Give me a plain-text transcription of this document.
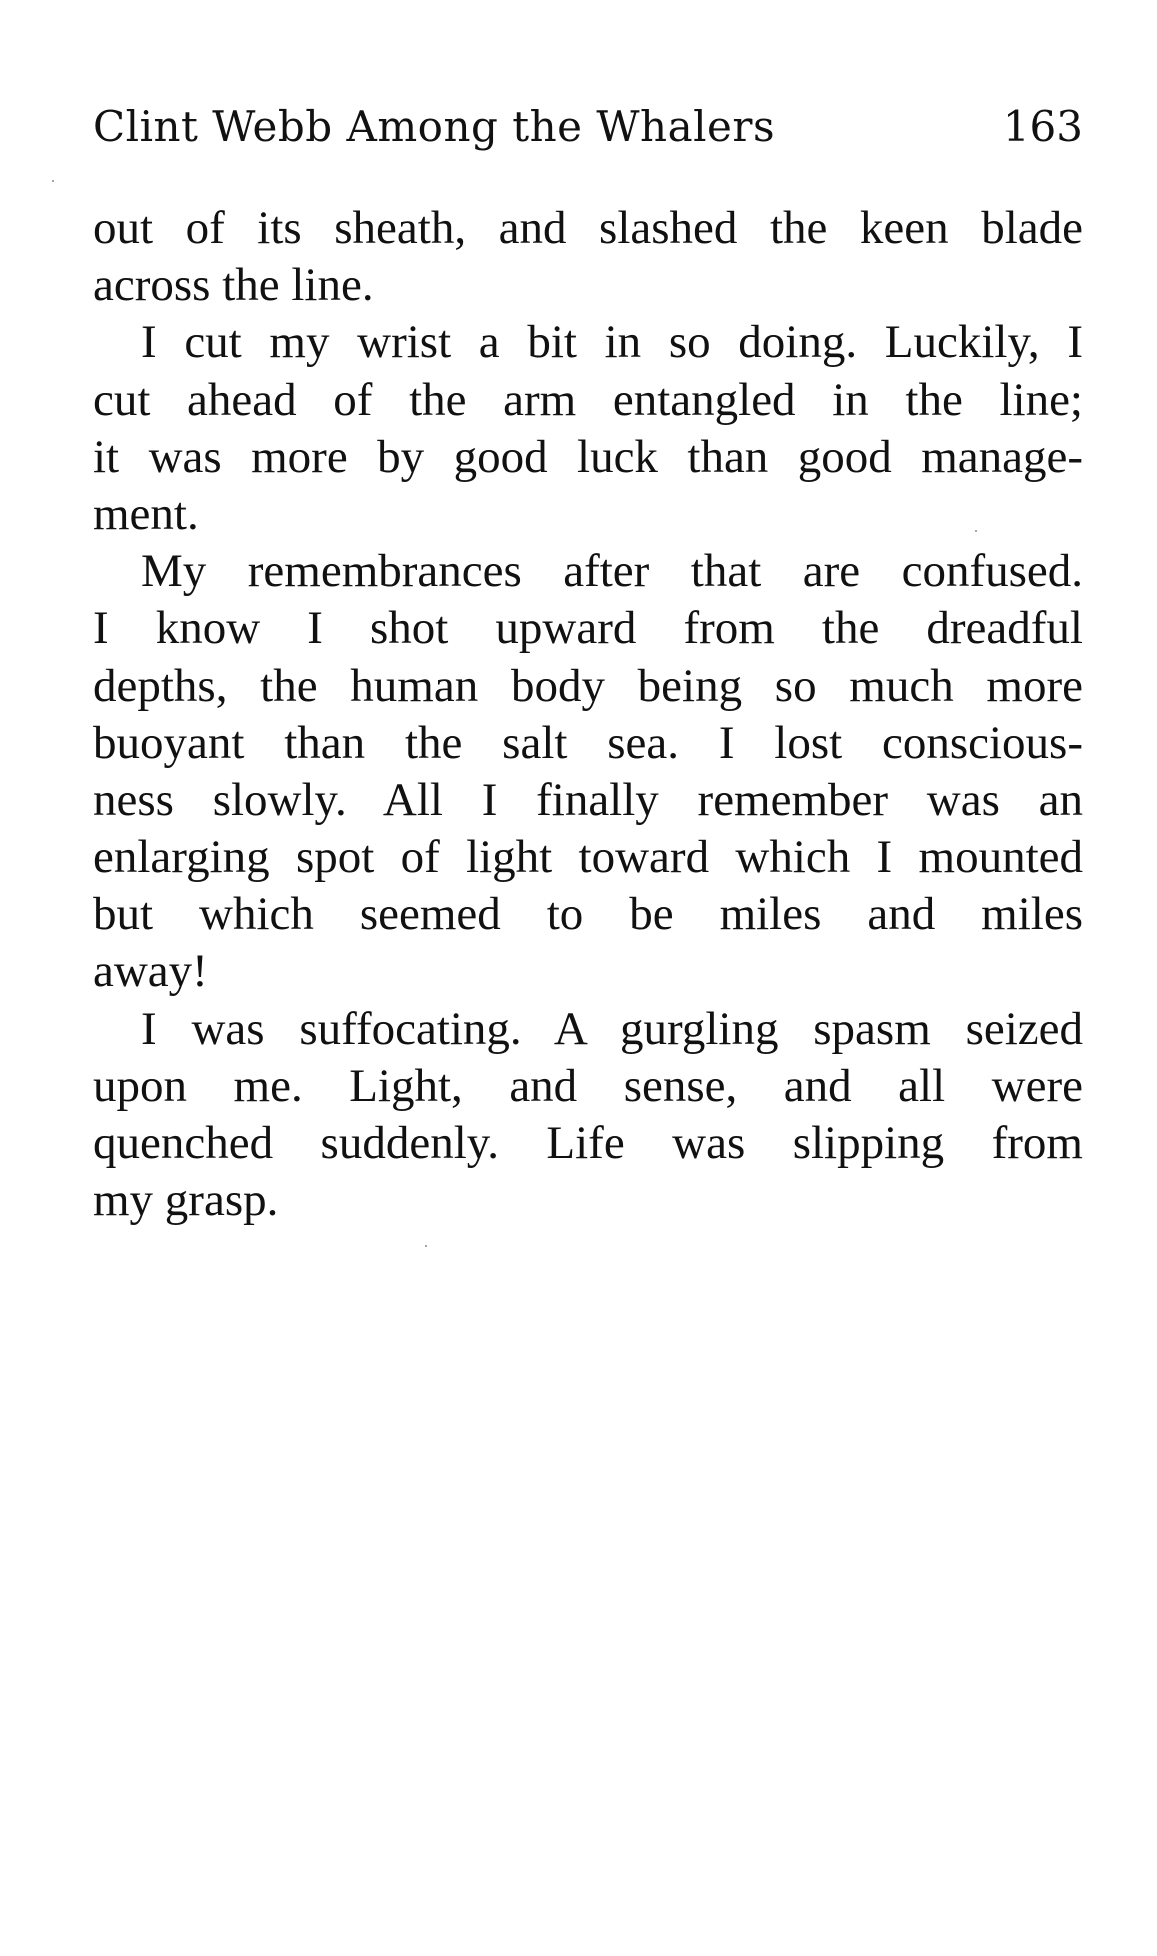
Clint Webb Among the Whalers	163
out of its sheath, and slashed the keen blade
across the line.
I cut my wrist a bit in so doing. Luckily, I
cut ahead of the arm entangled in the line;
it was more by good luck than good manage-
ment.
My remembrances after that are confused.
I know I shot upward from the dreadful
depths, the human body being so much more
buoyant than the salt sea. I lost conscious-
ness slowly. All I finally remember was an
enlarging spot of light toward which I mounted
but which seemed to be miles and miles
away!
I was suffocating. A gurgling spasm seized
upon me. Light, and sense, and all were
quenched suddenly. Life was slipping from
my grasp.
